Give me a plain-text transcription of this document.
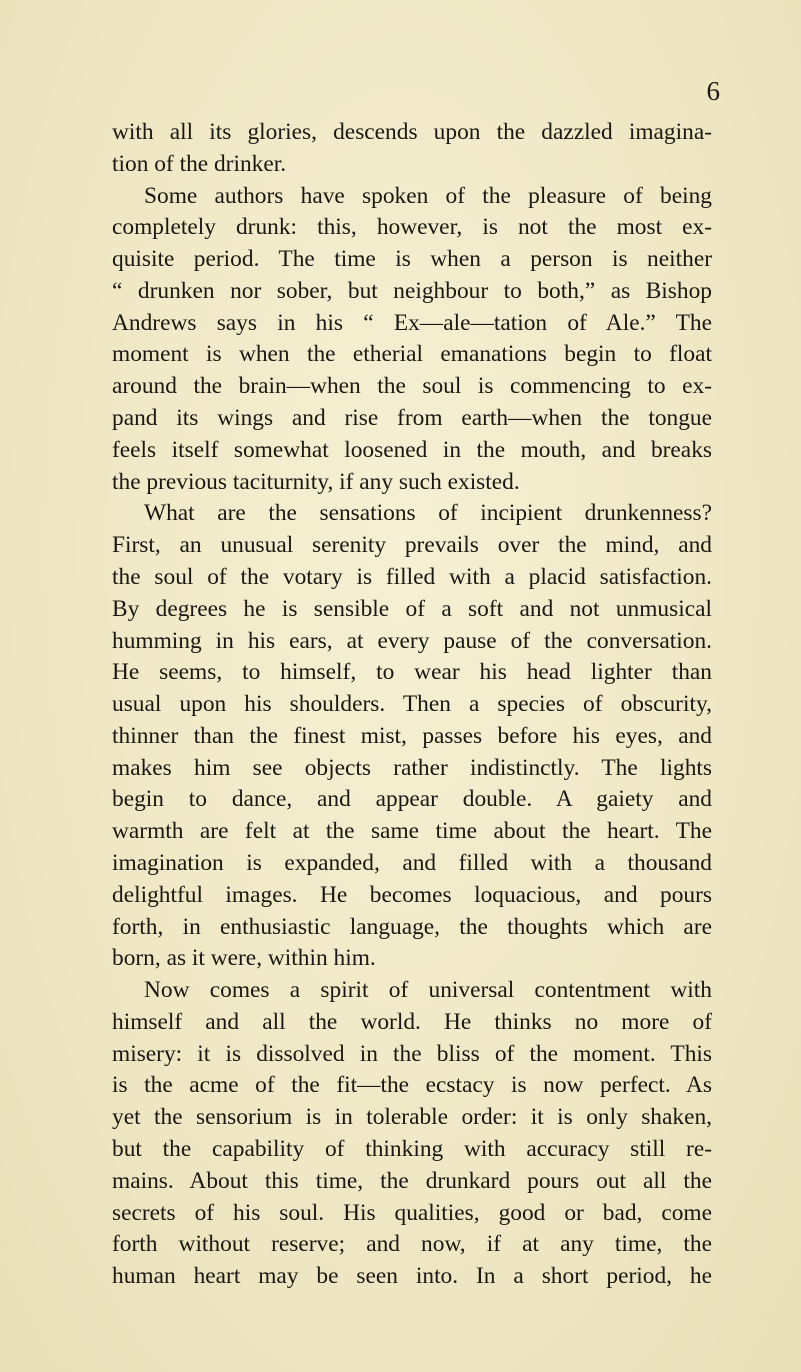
6
with all its glories, descends upon the dazzled imagina-
tion of the drinker.
Some authors have spoken of the pleasure of being
completely drunk: this, however, is not the most ex-
quisite period. The time is when a person is neither
“ drunken nor sober, but neighbour to both,” as Bishop
Andrews says in his “ Ex—ale—tation of Ale.” The
moment is when the etherial emanations begin to float
around the brain—when the soul is commencing to ex-
pand its wings and rise from earth—when the tongue
feels itself somewhat loosened in the mouth, and breaks
the previous taciturnity, if any such existed.
What are the sensations of incipient drunkenness?
First, an unusual serenity prevails over the mind, and
the soul of the votary is filled with a placid satisfaction.
By degrees he is sensible of a soft and not unmusical
humming in his ears, at every pause of the conversation.
He seems, to himself, to wear his head lighter than
usual upon his shoulders. Then a species of obscurity,
thinner than the finest mist, passes before his eyes, and
makes him see objects rather indistinctly. The lights
begin to dance, and appear double. A gaiety and
warmth are felt at the same time about the heart. The
imagination is expanded, and filled with a thousand
delightful images. He becomes loquacious, and pours
forth, in enthusiastic language, the thoughts which are
born, as it were, within him.
Now comes a spirit of universal contentment with
himself and all the world. He thinks no more of
misery: it is dissolved in the bliss of the moment. This
is the acme of the fit—the ecstacy is now perfect. As
yet the sensorium is in tolerable order: it is only shaken,
but the capability of thinking with accuracy still re-
mains. About this time, the drunkard pours out all the
secrets of his soul. His qualities, good or bad, come
forth without reserve; and now, if at any time, the
human heart may be seen into. In a short period, he
